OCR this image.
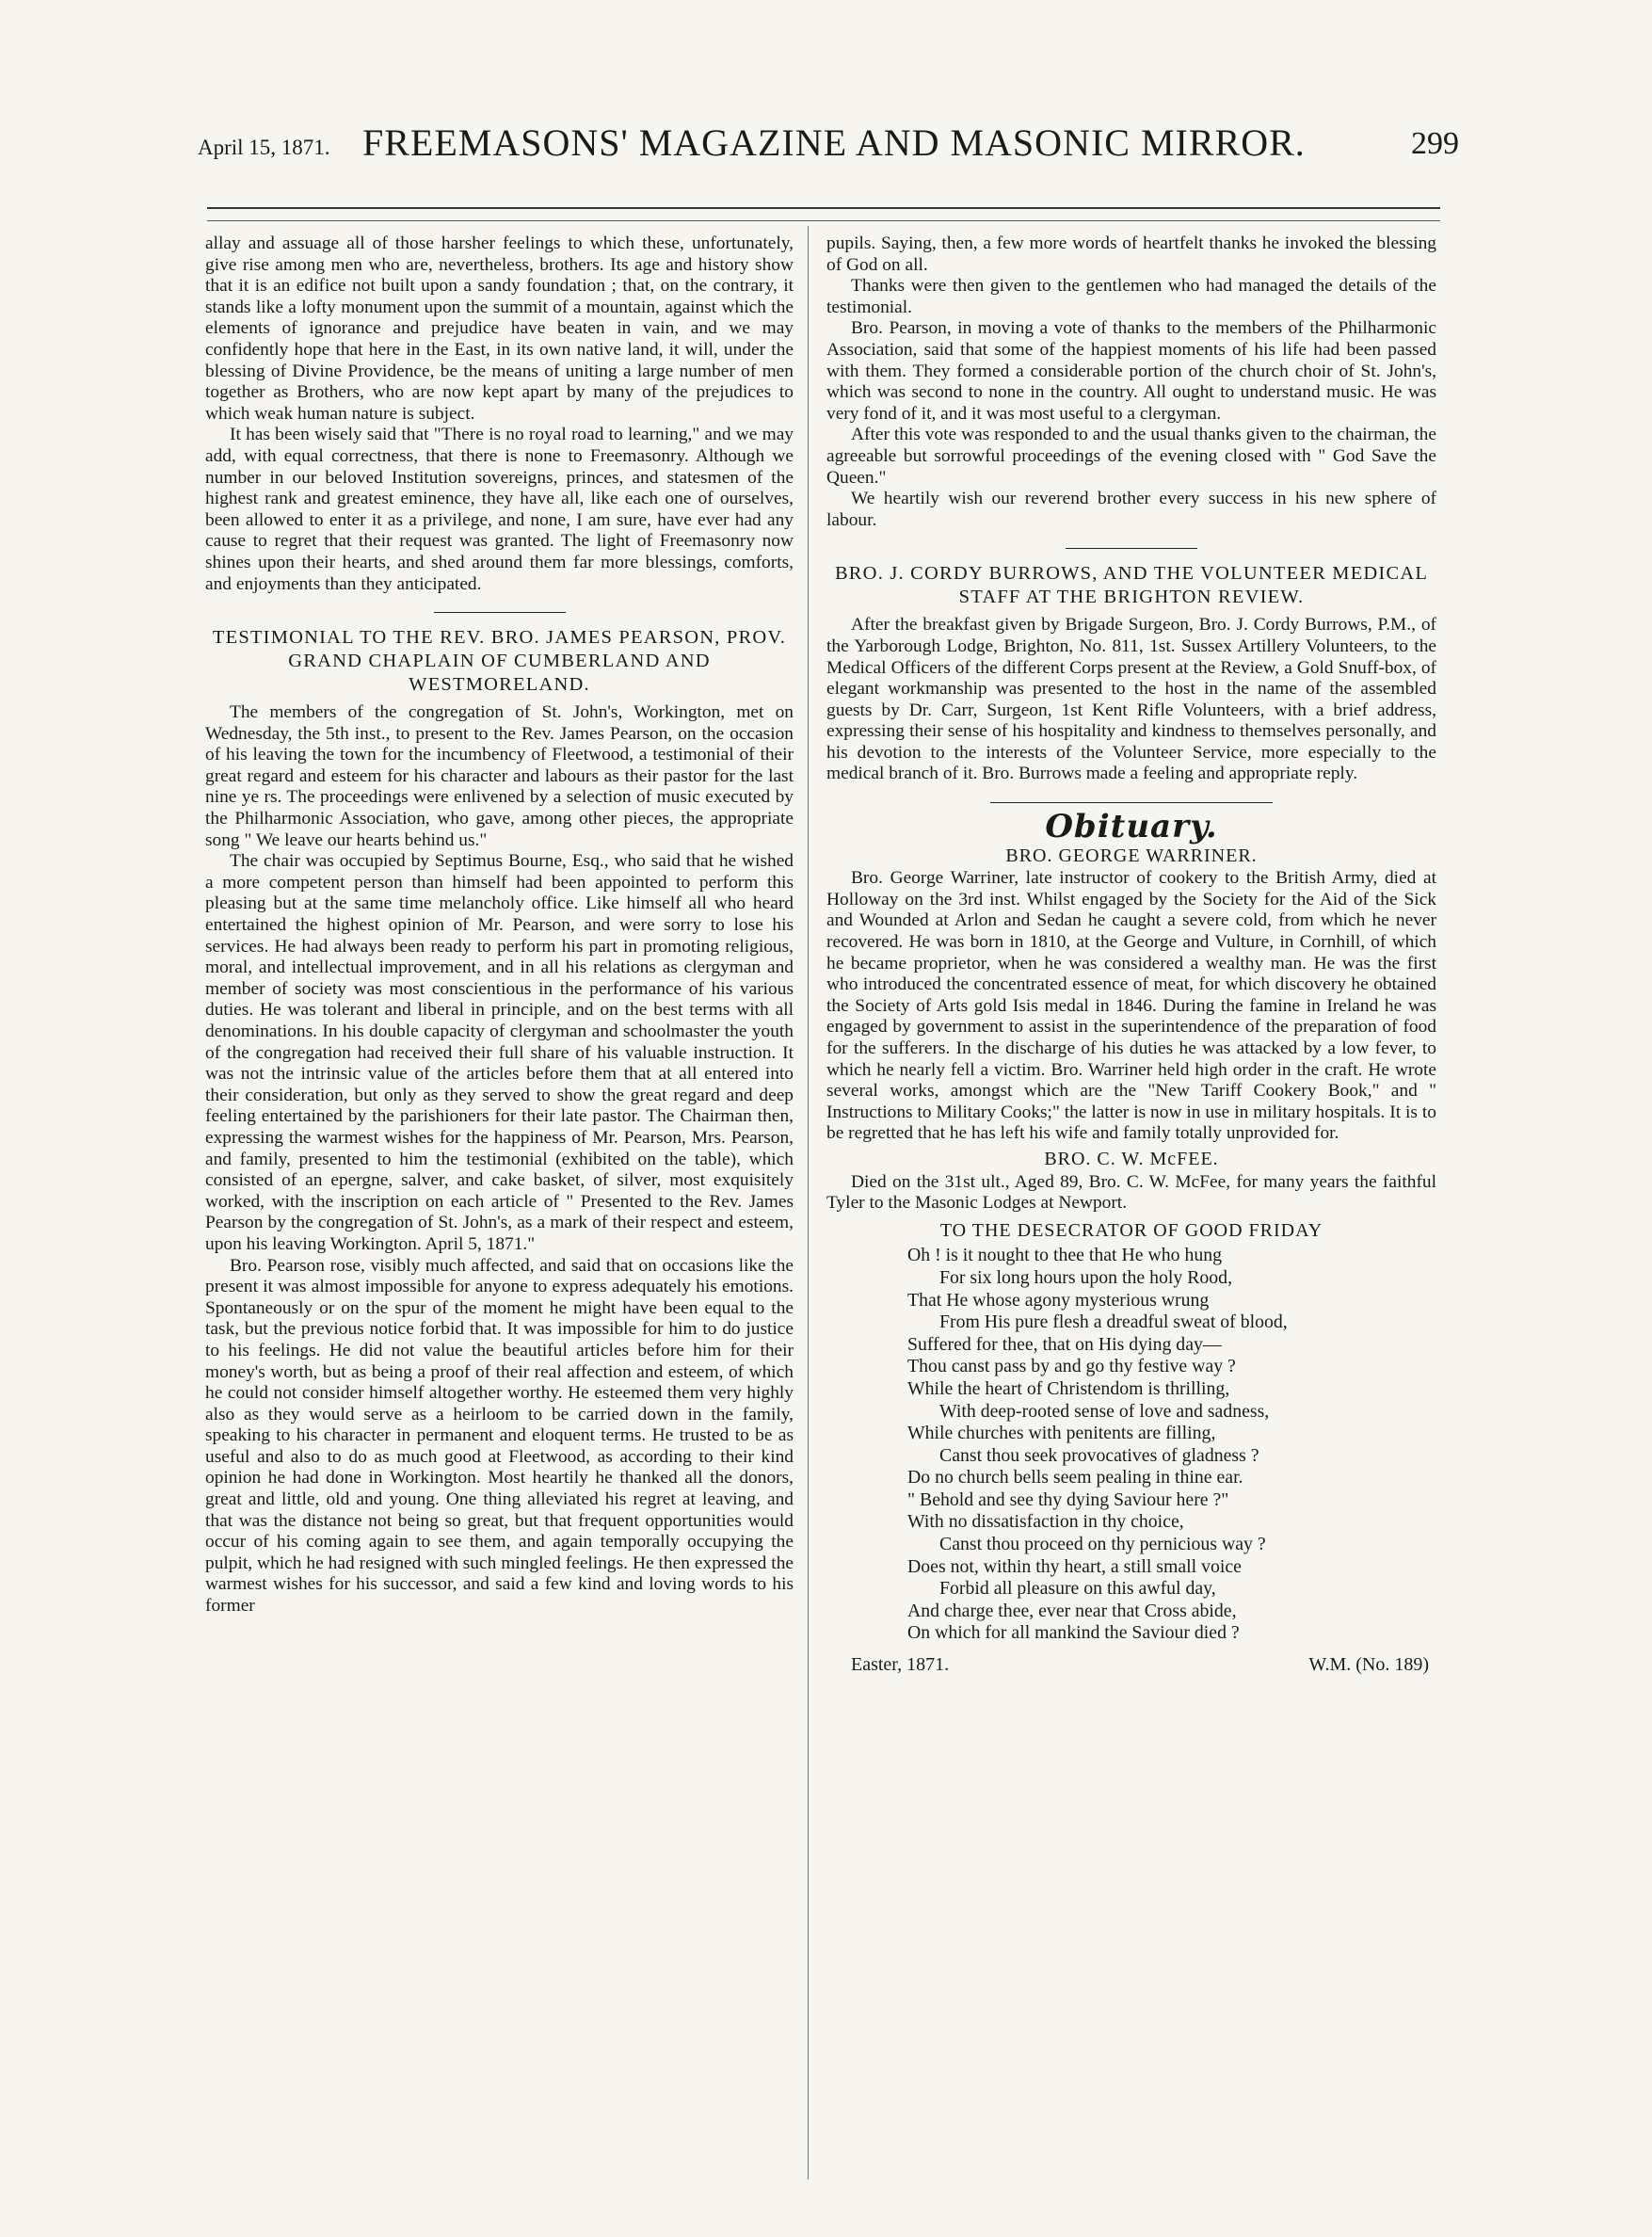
April 15, 1871. FREEMASONS' MAGAZINE AND MASONIC MIRROR.	299

allay and assuage all of those harsher feelings to which these, unfortunately, give rise among men who are, nevertheless, brothers. Its age and history show that it is an edifice not built upon a sandy foundation ; that, on the contrary, it stands like a lofty monument upon the summit of a mountain, against which the elements of ignorance and prejudice have beaten in vain, and we may confidently hope that here in the East, in its own native land, it will, under the blessing of Divine Providence, be the means of uniting a large number of men together as Brothers, who are now kept apart by many of the prejudices to which weak human nature is subject.

It has been wisely said that "There is no royal road to learning," and we may add, with equal correctness, that there is none to Freemasonry. Although we number in our beloved Institution sovereigns, princes, and statesmen of the highest rank and greatest eminence, they have all, like each one of ourselves, been allowed to enter it as a privilege, and none, I am sure, have ever had any cause to regret that their request was granted. The light of Freemasonry now shines upon their hearts, and shed around them far more blessings, comforts, and enjoyments than they anticipated.

TESTIMONIAL TO THE REV. BRO. JAMES PEARSON, PROV. GRAND CHAPLAIN OF CUMBERLAND AND WESTMORELAND.

The members of the congregation of St. John's, Workington, met on Wednesday, the 5th inst., to present to the Rev. James Pearson, on the occasion of his leaving the town for the incumbency of Fleetwood, a testimonial of their great regard and esteem for his character and labours as their pastor for the last nine ye rs. The proceedings were enlivened by a selection of music executed by the Philharmonic Association, who gave, among other pieces, the appropriate song " We leave our hearts behind us."

The chair was occupied by Septimus Bourne, Esq., who said that he wished a more competent person than himself had been appointed to perform this pleasing but at the same time melancholy office. Like himself all who heard entertained the highest opinion of Mr. Pearson, and were sorry to lose his services. He had always been ready to perform his part in promoting religious, moral, and intellectual improvement, and in all his relations as clergyman and member of society was most conscientious in the performance of his various duties. He was tolerant and liberal in principle, and on the best terms with all denominations. In his double capacity of clergyman and schoolmaster the youth of the congregation had received their full share of his valuable instruction. It was not the intrinsic value of the articles before them that at all entered into their consideration, but only as they served to show the great regard and deep feeling entertained by the parishioners for their late pastor. The Chairman then, expressing the warmest wishes for the happiness of Mr. Pearson, Mrs. Pearson, and family, presented to him the testimonial (exhibited on the table), which consisted of an epergne, salver, and cake basket, of silver, most exquisitely worked, with the inscription on each article of " Presented to the Rev. James Pearson by the congregation of St. John's, as a mark of their respect and esteem, upon his leaving Workington. April 5, 1871."

Bro. Pearson rose, visibly much affected, and said that on occasions like the present it was almost impossible for anyone to express adequately his emotions. Spontaneously or on the spur of the moment he might have been equal to the task, but the previous notice forbid that. It was impossible for him to do justice to his feelings. He did not value the beautiful articles before him for their money's worth, but as being a proof of their real affection and esteem, of which he could not consider himself altogether worthy. He esteemed them very highly also as they would serve as a heirloom to be carried down in the family, speaking to his character in permanent and eloquent terms. He trusted to be as useful and also to do as much good at Fleetwood, as according to their kind opinion he had done in Workington. Most heartily he thanked all the donors, great and little, old and young. One thing alleviated his regret at leaving, and that was the distance not being so great, but that frequent opportunities would occur of his coming again to see them, and again temporally occupying the pulpit, which he had resigned with such mingled feelings. He then expressed the warmest wishes for his successor, and said a few kind and loving words to his former

pupils. Saying, then, a few more words of heartfelt thanks he invoked the blessing of God on all.

Thanks were then given to the gentlemen who had managed the details of the testimonial.

Bro. Pearson, in moving a vote of thanks to the members of the Philharmonic Association, said that some of the happiest moments of his life had been passed with them. They formed a considerable portion of the church choir of St. John's, which was second to none in the country. All ought to understand music. He was very fond of it, and it was most useful to a clergyman.

After this vote was responded to and the usual thanks given to the chairman, the agreeable but sorrowful proceedings of the evening closed with " God Save the Queen."

We heartily wish our reverend brother every success in his new sphere of labour.

BRO. J. CORDY BURROWS, AND THE VOLUNTEER MEDICAL STAFF AT THE BRIGHTON REVIEW.

After the breakfast given by Brigade Surgeon, Bro. J. Cordy Burrows, P.M., of the Yarborough Lodge, Brighton, No. 811, 1st. Sussex Artillery Volunteers, to the Medical Officers of the different Corps present at the Review, a Gold Snuff-box, of elegant workmanship was presented to the host in the name of the assembled guests by Dr. Carr, Surgeon, 1st Kent Rifle Volunteers, with a brief address, expressing their sense of his hospitality and kindness to themselves personally, and his devotion to the interests of the Volunteer Service, more especially to the medical branch of it. Bro. Burrows made a feeling and appropriate reply.

Obituary.
BRO. GEORGE WARRINER.

Bro. George Warriner, late instructor of cookery to the British Army, died at Holloway on the 3rd inst. Whilst engaged by the Society for the Aid of the Sick and Wounded at Arlon and Sedan he caught a severe cold, from which he never recovered. He was born in 1810, at the George and Vulture, in Cornhill, of which he became proprietor, when he was considered a wealthy man. He was the first who introduced the concentrated essence of meat, for which discovery he obtained the Society of Arts gold Isis medal in 1846. During the famine in Ireland he was engaged by government to assist in the superintendence of the preparation of food for the sufferers. In the discharge of his duties he was attacked by a low fever, to which he nearly fell a victim. Bro. Warriner held high order in the craft. He wrote several works, amongst which are the "New Tariff Cookery Book," and " Instructions to Military Cooks;" the latter is now in use in military hospitals. It is to be regretted that he has left his wife and family totally unprovided for.

BRO. C. W. McFEE.

Died on the 31st ult., Aged 89, Bro. C. W. McFee, for many years the faithful Tyler to the Masonic Lodges at Newport.

TO THE DESECRATOR OF GOOD FRIDAY
Oh ! is it nought to thee that He who hung
For six long hours upon the holy Rood,
That He whose agony mysterious wrung
From His pure flesh a dreadful sweat of blood,
Suffered for thee, that on His dying day—
Thou canst pass by and go thy festive way ?
While the heart of Christendom is thrilling,
With deep-rooted sense of love and sadness,
While churches with penitents are filling,
Canst thou seek provocatives of gladness ?
Do no church bells seem pealing in thine ear.
" Behold and see thy dying Saviour here ?"
With no dissatisfaction in thy choice,
Canst thou proceed on thy pernicious way ?
Does not, within thy heart, a still small voice
Forbid all pleasure on this awful day,
And charge thee, ever near that Cross abide,
On which for all mankind the Saviour died ?
Easter, 1871.	W.M. (No. 189)
